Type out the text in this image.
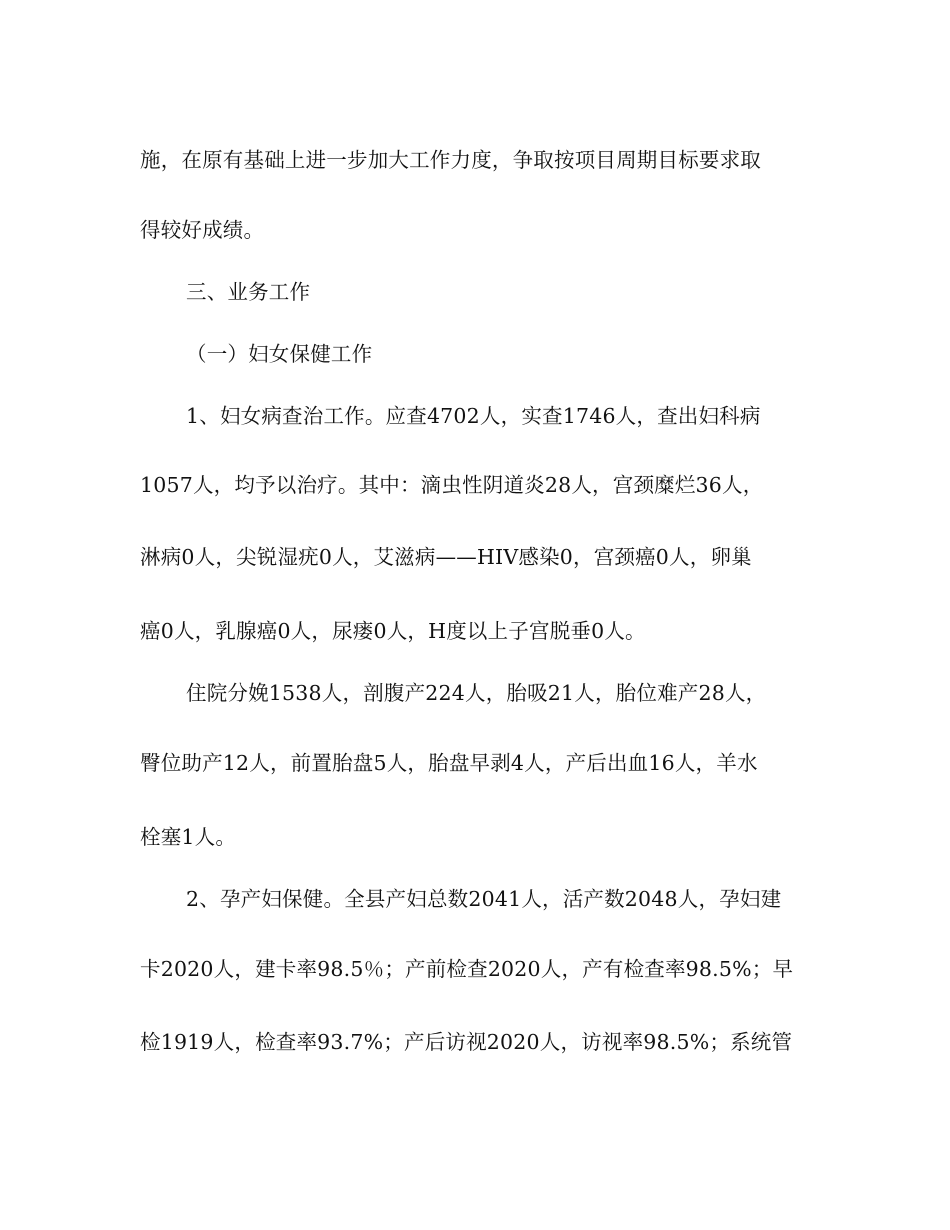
施，在原有基础上进一步加大工作力度，争取按项目周期目标要求取
得较好成绩。
三、业务工作
（一）妇女保健工作
1、妇女病查治工作。应查4702人，实查1746人，查出妇科病
1057人，均予以治疗。其中：滴虫性阴道炎28人，宫颈糜烂36人，
淋病0人，尖锐湿疣0人，艾滋病——HIV感染0，宫颈癌0人，卵巢
癌0人，乳腺癌0人，尿瘘0人，H度以上子宫脱垂0人。
住院分娩1538人，剖腹产224人，胎吸21人，胎位难产28人，
臀位助产12人，前置胎盘5人，胎盘早剥4人，产后出血16人，羊水
栓塞1人。
2、孕产妇保健。全县产妇总数2041人，活产数2048人，孕妇建
卡2020人，建卡率98.5％；产前检查2020人，产有检查率98.5%；早
检1919人，检查率93.7%；产后访视2020人，访视率98.5%；系统管
